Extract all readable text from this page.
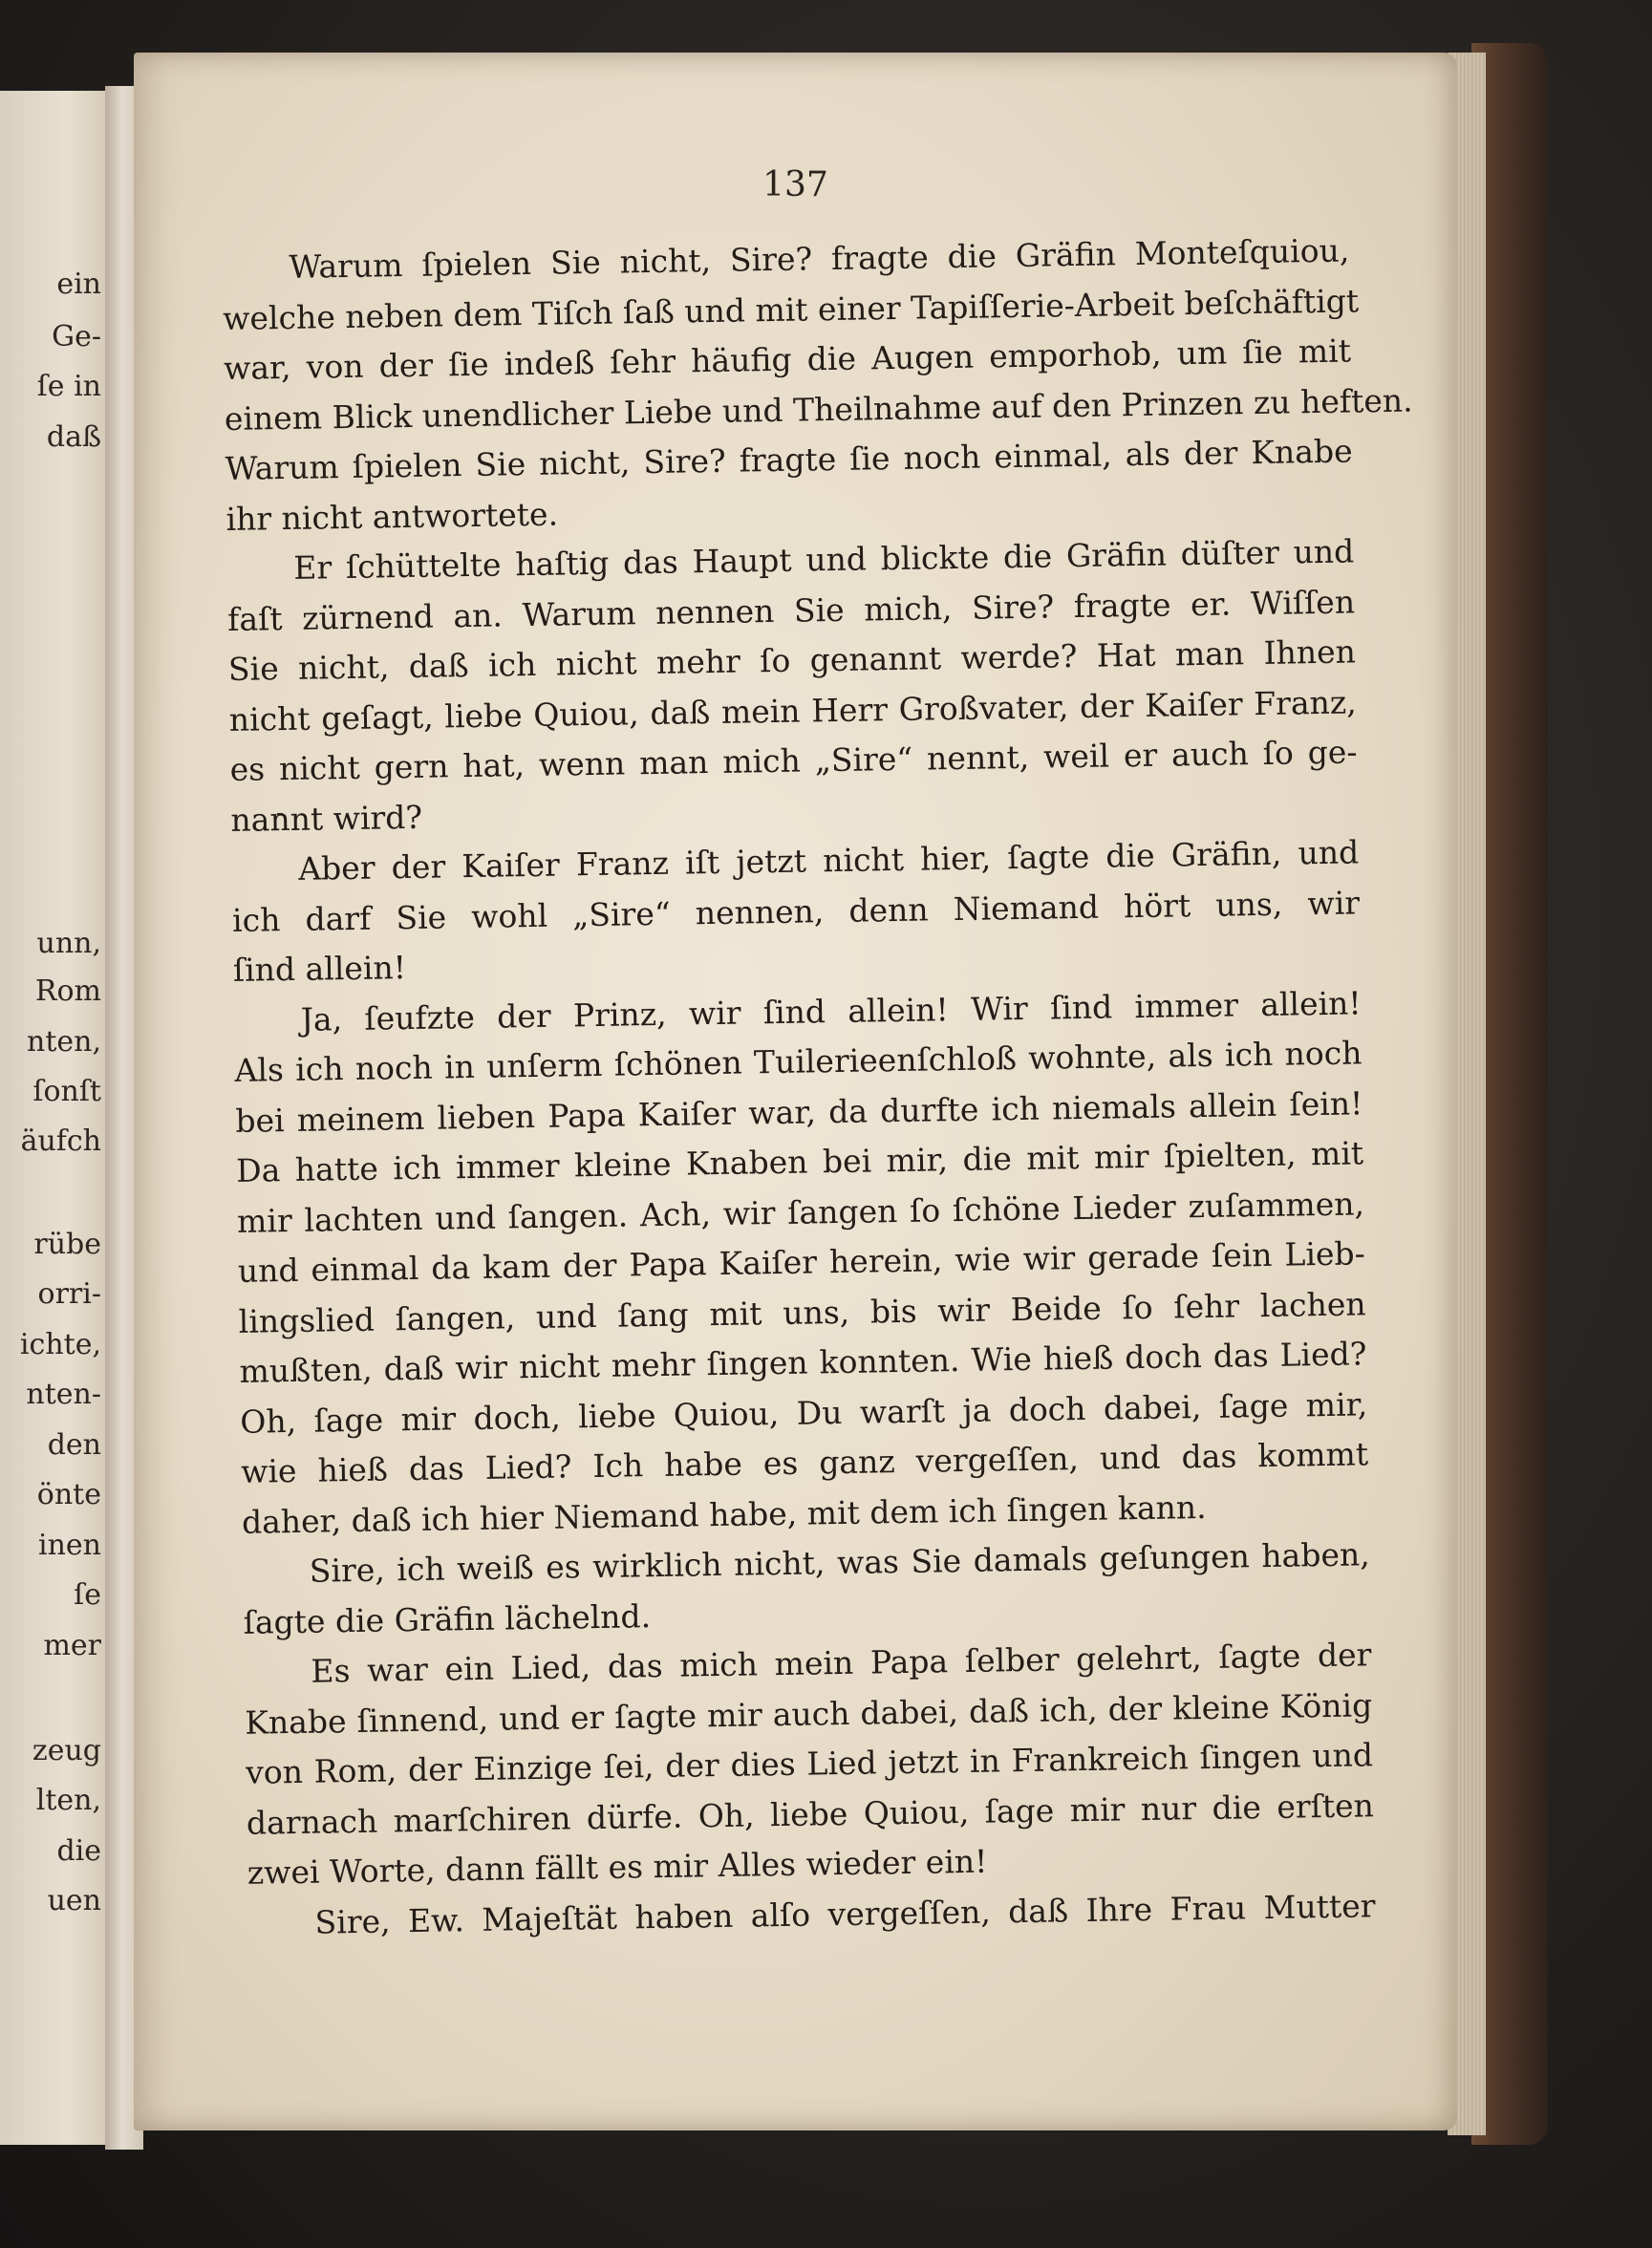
ein
Ge-
ſe in
daß
unn,
Rom
nten,
ſonſt
äufch
rübe
orri-
ichte,
nten-
den
önte
inen
ſe
mer
zeug
lten,
die
uen
137
Warum ſpielen Sie nicht, Sire? fragte die Gräfin Monteſquiou,
welche neben dem Tiſch ſaß und mit einer Tapiſſerie-Arbeit beſchäftigt
war, von der ſie indeß ſehr häufig die Augen emporhob, um ſie mit
einem Blick unendlicher Liebe und Theilnahme auf den Prinzen zu heften.
Warum ſpielen Sie nicht, Sire? fragte ſie noch einmal, als der Knabe
ihr nicht antwortete.
Er ſchüttelte haſtig das Haupt und blickte die Gräfin düſter und
faſt zürnend an. Warum nennen Sie mich, Sire? fragte er. Wiſſen
Sie nicht, daß ich nicht mehr ſo genannt werde? Hat man Ihnen
nicht geſagt, liebe Quiou, daß mein Herr Großvater, der Kaiſer Franz,
es nicht gern hat, wenn man mich „Sire“ nennt, weil er auch ſo ge-
nannt wird?
Aber der Kaiſer Franz iſt jetzt nicht hier, ſagte die Gräfin, und
ich darf Sie wohl „Sire“ nennen, denn Niemand hört uns, wir
ſind allein!
Ja, ſeufzte der Prinz, wir ſind allein! Wir ſind immer allein!
Als ich noch in unſerm ſchönen Tuilerieenſchloß wohnte, als ich noch
bei meinem lieben Papa Kaiſer war, da durfte ich niemals allein ſein!
Da hatte ich immer kleine Knaben bei mir, die mit mir ſpielten, mit
mir lachten und ſangen. Ach, wir ſangen ſo ſchöne Lieder zuſammen,
und einmal da kam der Papa Kaiſer herein, wie wir gerade ſein Lieb-
lingslied ſangen, und ſang mit uns, bis wir Beide ſo ſehr lachen
mußten, daß wir nicht mehr ſingen konnten. Wie hieß doch das Lied?
Oh, ſage mir doch, liebe Quiou, Du warſt ja doch dabei, ſage mir,
wie hieß das Lied? Ich habe es ganz vergeſſen, und das kommt
daher, daß ich hier Niemand habe, mit dem ich ſingen kann.
Sire, ich weiß es wirklich nicht, was Sie damals geſungen haben,
ſagte die Gräfin lächelnd.
Es war ein Lied, das mich mein Papa ſelber gelehrt, ſagte der
Knabe ſinnend, und er ſagte mir auch dabei, daß ich, der kleine König
von Rom, der Einzige ſei, der dies Lied jetzt in Frankreich ſingen und
darnach marſchiren dürfe. Oh, liebe Quiou, ſage mir nur die erſten
zwei Worte, dann fällt es mir Alles wieder ein!
Sire, Ew. Majeſtät haben alſo vergeſſen, daß Ihre Frau Mutter
